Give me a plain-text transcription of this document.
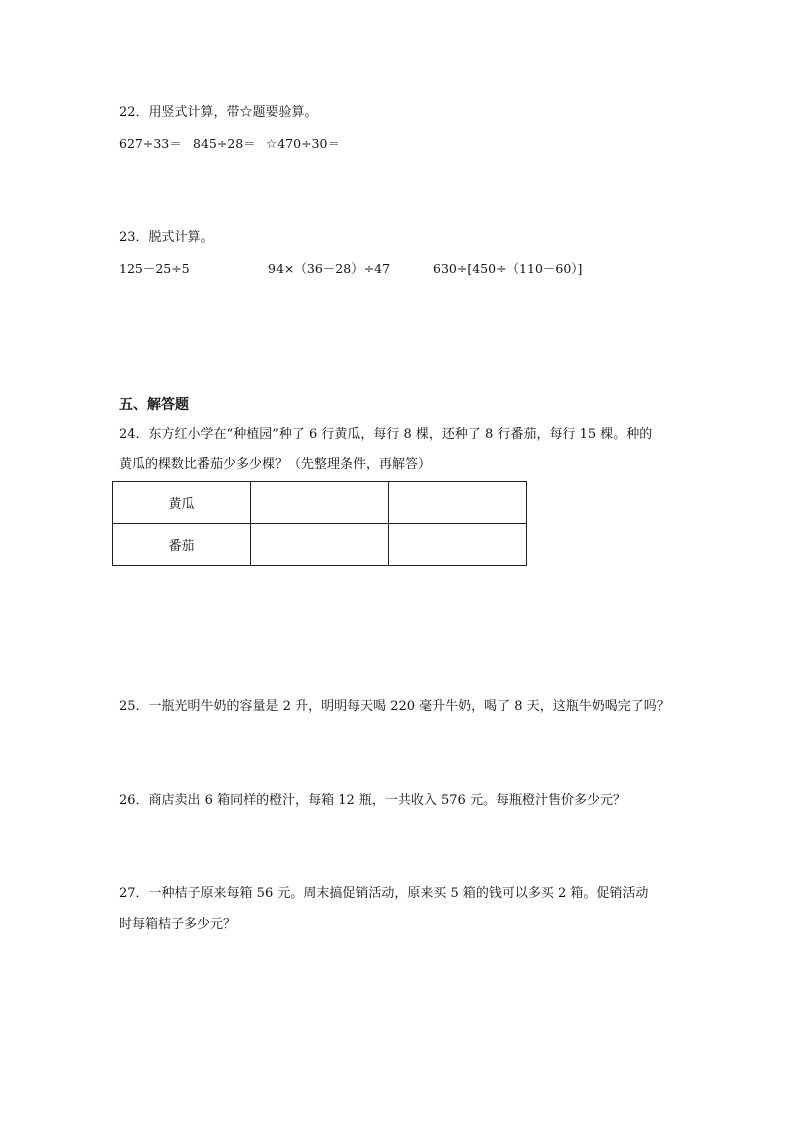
22．用竖式计算，带☆题要验算。
627÷33＝ 845÷28＝ ☆470÷30＝
23．脱式计算。
125－25÷5	94×（36－28）÷47	630÷[450÷（110－60）]
五、解答题
24．东方红小学在“种植园”种了 6 行黄瓜，每行 8 棵，还种了 8 行番茄，每行 15 棵。种的
黄瓜的棵数比番茄少多少棵？（先整理条件，再解答）
黄瓜		
番茄		
25．一瓶光明牛奶的容量是 2 升，明明每天喝 220 毫升牛奶，喝了 8 天，这瓶牛奶喝完了吗？
26．商店卖出 6 箱同样的橙汁，每箱 12 瓶，一共收入 576 元。每瓶橙汁售价多少元？
27．一种桔子原来每箱 56 元。周末搞促销活动，原来买 5 箱的钱可以多买 2 箱。促销活动
时每箱桔子多少元？
